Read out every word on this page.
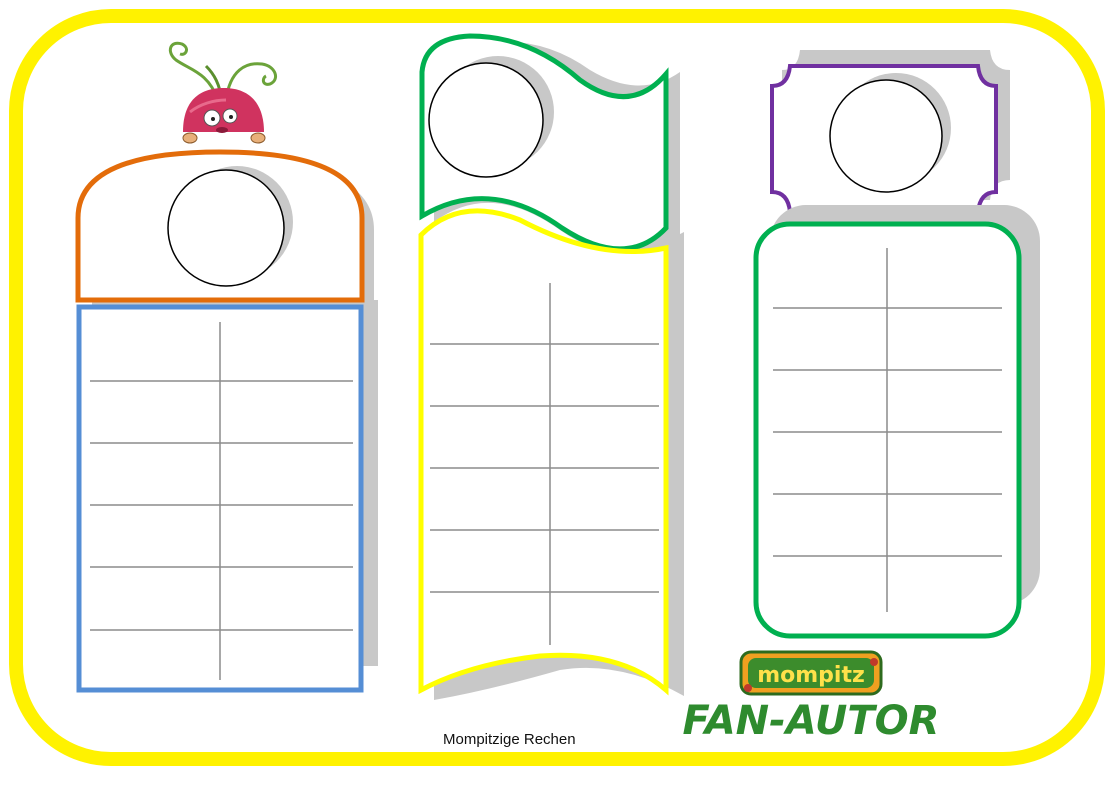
mompitz
FAN-AUTOR
Mompitzige Rechen
